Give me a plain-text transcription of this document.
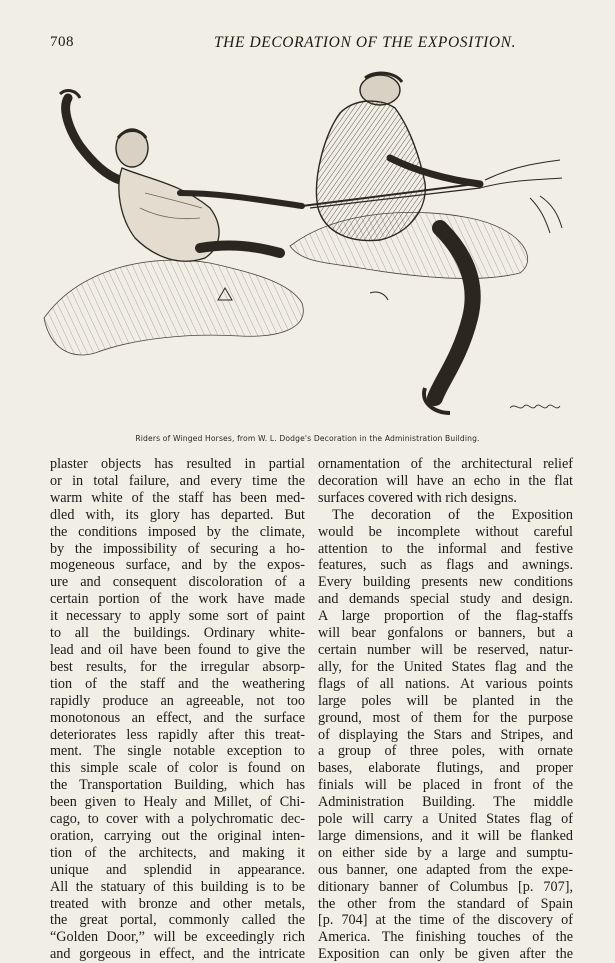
708	THE DECORATION OF THE EXPOSITION.
Riders of Winged Horses, from W. L. Dodge's Decoration in the Administration Building.

plaster objects has resulted in partial
or in total failure, and every time the
warm white of the staff has been med-
dled with, its glory has departed. But
the conditions imposed by the climate,
by the impossibility of securing a ho-
mogeneous surface, and by the expos-
ure and consequent discoloration of a
certain portion of the work have made
it necessary to apply some sort of paint
to all the buildings. Ordinary white-
lead and oil have been found to give the
best results, for the irregular absorp-
tion of the staff and the weathering
rapidly produce an agreeable, not too
monotonous an effect, and the surface
deteriorates less rapidly after this treat-
ment. The single notable exception to
this simple scale of color is found on
the Transportation Building, which has
been given to Healy and Millet, of Chi-
cago, to cover with a polychromatic dec-
oration, carrying out the original inten-
tion of the architects, and making it
unique and splendid in appearance.
All the statuary of this building is to be
treated with bronze and other metals,
the great portal, commonly called the
“Golden Door,” will be exceedingly rich
and gorgeous in effect, and the intricate

ornamentation of the architectural relief
decoration will have an echo in the flat
surfaces covered with rich designs.

The decoration of the Exposition
would be incomplete without careful
attention to the informal and festive
features, such as flags and awnings.
Every building presents new conditions
and demands special study and design.
A large proportion of the flag-staffs
will bear gonfalons or banners, but a
certain number will be reserved, natur-
ally, for the United States flag and the
flags of all nations. At various points
large poles will be planted in the
ground, most of them for the purpose
of displaying the Stars and Stripes, and
a group of three poles, with ornate
bases, elaborate flutings, and proper
finials will be placed in front of the
Administration Building. The middle
pole will carry a United States flag of
large dimensions, and it will be flanked
on either side by a large and sumptu-
ous banner, one adapted from the expe-
ditionary banner of Columbus [p. 707],
the other from the standard of Spain
[p. 704] at the time of the discovery of
America. The finishing touches of the
Exposition can only be given after the
